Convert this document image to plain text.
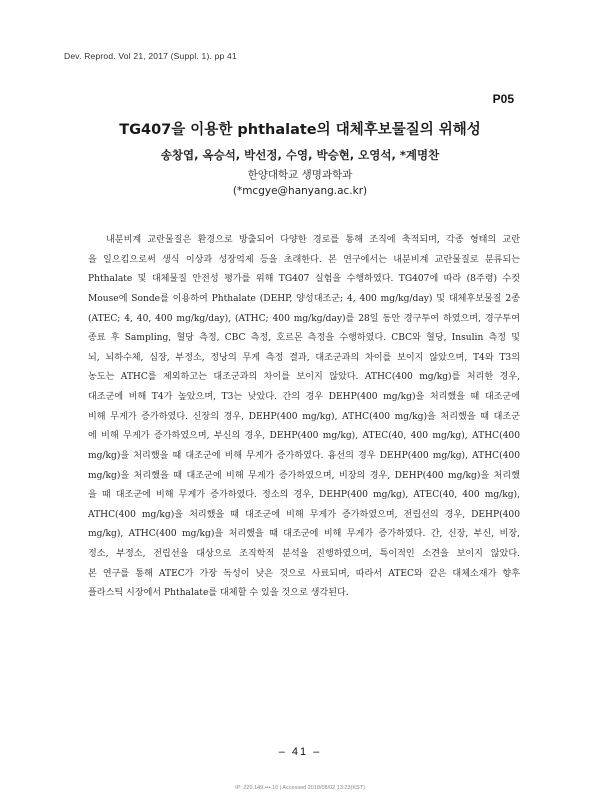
Dev. Reprod. Vol 21, 2017 (Suppl. 1). pp 41
P05
TG407을 이용한 phthalate의 대체후보물질의 위해성
송창엽, 옥승석, 박선정, 수영, 박승현, 오영석, *계명찬
한양대학교 생명과학과
(*mcgye@hanyang.ac.kr)
내분비계 교란물질은 환경으로 방출되어 다양한 경로를 통해 조직에 축적되며, 각종 형태의 교란
을 일으킴으로써 생식 이상과 성장억제 등을 초래한다. 본 연구에서는 내분비계 교란물질로 분류되는
Phthalate 및 대체물질 안전성 평가를 위해 TG407 실험을 수행하였다. TG407에 따라 (8주령) 수컷
Mouse에 Sonde를 이용하여 Phthalate (DEHP, 양성대조군; 4, 400 mg/kg/day) 및 대체후보물질 2종
(ATEC; 4, 40, 400 mg/kg/day), (ATHC; 400 mg/kg/day)를 28일 동안 경구투여 하였으며, 경구투여
종료 후 Sampling, 혈당 측정, CBC 측정, 호르몬 측정을 수행하였다. CBC와 혈당, Insulin 측정 및
뇌, 뇌하수체, 심장, 부정소, 정낭의 무게 측정 결과, 대조군과의 차이를 보이지 않았으며, T4와 T3의
농도는 ATHC를 제외하고는 대조군과의 차이를 보이지 않았다. ATHC(400 mg/kg)를 처리한 경우,
대조군에 비해 T4가 높았으며, T3는 낮았다. 간의 경우 DEHP(400 mg/kg)을 처리했을 때 대조군에
비해 무게가 증가하였다. 신장의 경우, DEHP(400 mg/kg), ATHC(400 mg/kg)을 처리했을 때 대조군
에 비해 무게가 증가하였으며, 부신의 경우, DEHP(400 mg/kg), ATEC(40, 400 mg/kg), ATHC(400
mg/kg)을 처리했을 때 대조군에 비해 무게가 증가하였다. 흉선의 경우 DEHP(400 mg/kg), ATHC(400
mg/kg)을 처리했을 때 대조군에 비해 무게가 증가하였으며, 비장의 경우, DEHP(400 mg/kg)을 처리했
을 때 대조군에 비해 무게가 증가하였다. 정소의 경우, DEHP(400 mg/kg), ATEC(40, 400 mg/kg),
ATHC(400 mg/kg)을 처리했을 때 대조군에 비해 무게가 증가하였으며, 전립선의 경우, DEHP(400
mg/kg), ATHC(400 mg/kg)을 처리했을 때 대조군에 비해 무게가 증가하였다. 간, 신장, 부신, 비장,
정소, 부정소, 전립선을 대상으로 조직학적 분석을 진행하였으며, 특이적인 소견을 보이지 않았다.
본 연구를 통해 ATEC가 가장 독성이 낮은 것으로 사료되며, 따라서 ATEC와 같은 대체소재가 향후
플라스틱 시장에서 Phthalate를 대체할 수 있을 것으로 생각된다.
– 41 –
IP: 220.149.•••.10 | Accessed 2018/08/02 13:23(KST)
